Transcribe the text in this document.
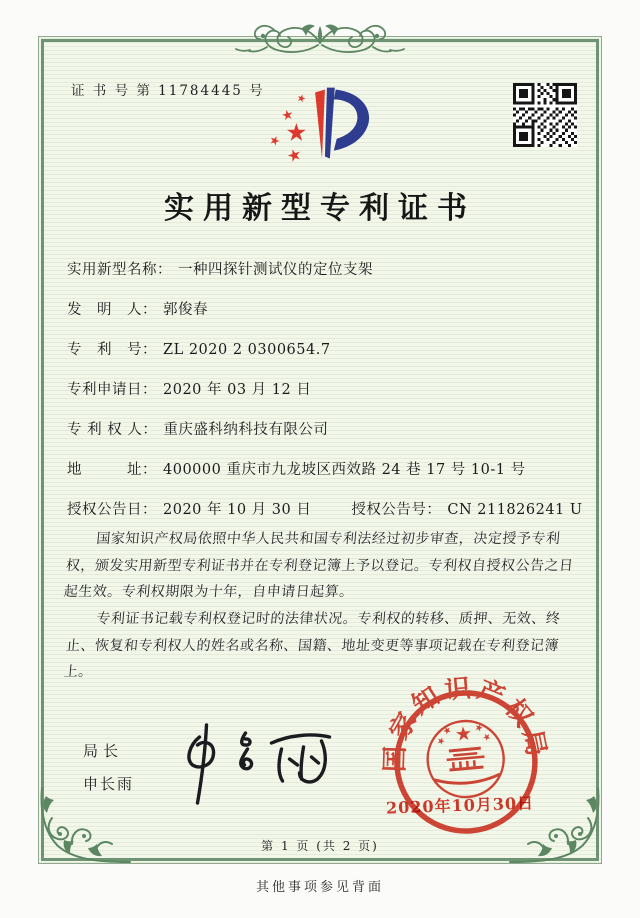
证 书 号 第 11784445 号
实用新型专利证书
实用新型名称： 一种四探针测试仪的定位支架
发　明　人： 郭俊春
专　利　号： ZL 2020 2 0300654.7
专利申请日： 2020 年 03 月 12 日
专 利 权 人： 重庆盛科纳科技有限公司
地　　　址： 400000 重庆市九龙坡区西效路 24 巷 17 号 10-1 号
授权公告日： 2020 年 10 月 30 日	授权公告号： CN 211826241 U

国家知识产权局依照中华人民共和国专利法经过初步审查，决定授予专利权，颁发实用新型专利证书并在专利登记簿上予以登记。专利权自授权公告之日起生效。专利权期限为十年，自申请日起算。

专利证书记载专利权登记时的法律状况。专利权的转移、质押、无效、终止、恢复和专利权人的姓名或名称、国籍、地址变更等事项记载在专利登记簿上。

局长
申长雨
国家知识产权局
2020年10月30日
第 1 页 (共 2 页)
其他事项参见背面
